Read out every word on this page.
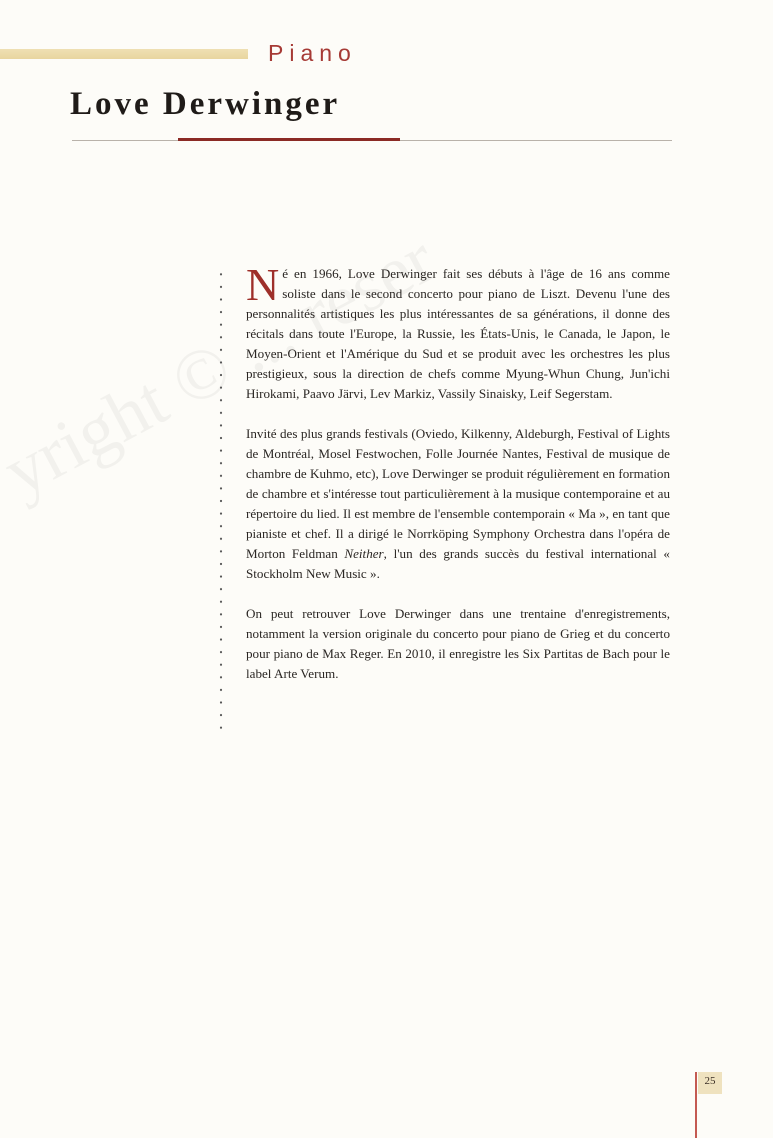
Piano
Love Derwinger

Né en 1966, Love Derwinger fait ses débuts à l'âge de 16 ans comme soliste dans le second concerto pour piano de Liszt. Devenu l'une des personnalités artistiques les plus intéressantes de sa générations, il donne des récitals dans toute l'Europe, la Russie, les États-Unis, le Canada, le Japon, le Moyen-Orient et l'Amérique du Sud et se produit avec les orchestres les plus prestigieux, sous la direction de chefs comme Myung-Whun Chung, Jun'ichi Hirokami, Paavo Järvi, Lev Markiz, Vassily Sinaisky, Leif Segerstam.

Invité des plus grands festivals (Oviedo, Kilkenny, Aldeburgh, Festival of Lights de Montréal, Mosel Festwochen, Folle Journée Nantes, Festival de musique de chambre de Kuhmo, etc), Love Derwinger se produit régulièrement en formation de chambre et s'intéresse tout particulièrement à la musique contemporaine et au répertoire du lied. Il est membre de l'ensemble contemporain « Ma », en tant que pianiste et chef. Il a dirigé le Norrköping Symphony Orchestra dans l'opéra de Morton Feldman Neither, l'un des grands succès du festival international « Stockholm New Music ».

On peut retrouver Love Derwinger dans une trentaine d'enregistrements, notamment la version originale du concerto pour piano de Grieg et du concerto pour piano de Max Reger. En 2010, il enregistre les Six Partitas de Bach pour le label Arte Verum.

25
